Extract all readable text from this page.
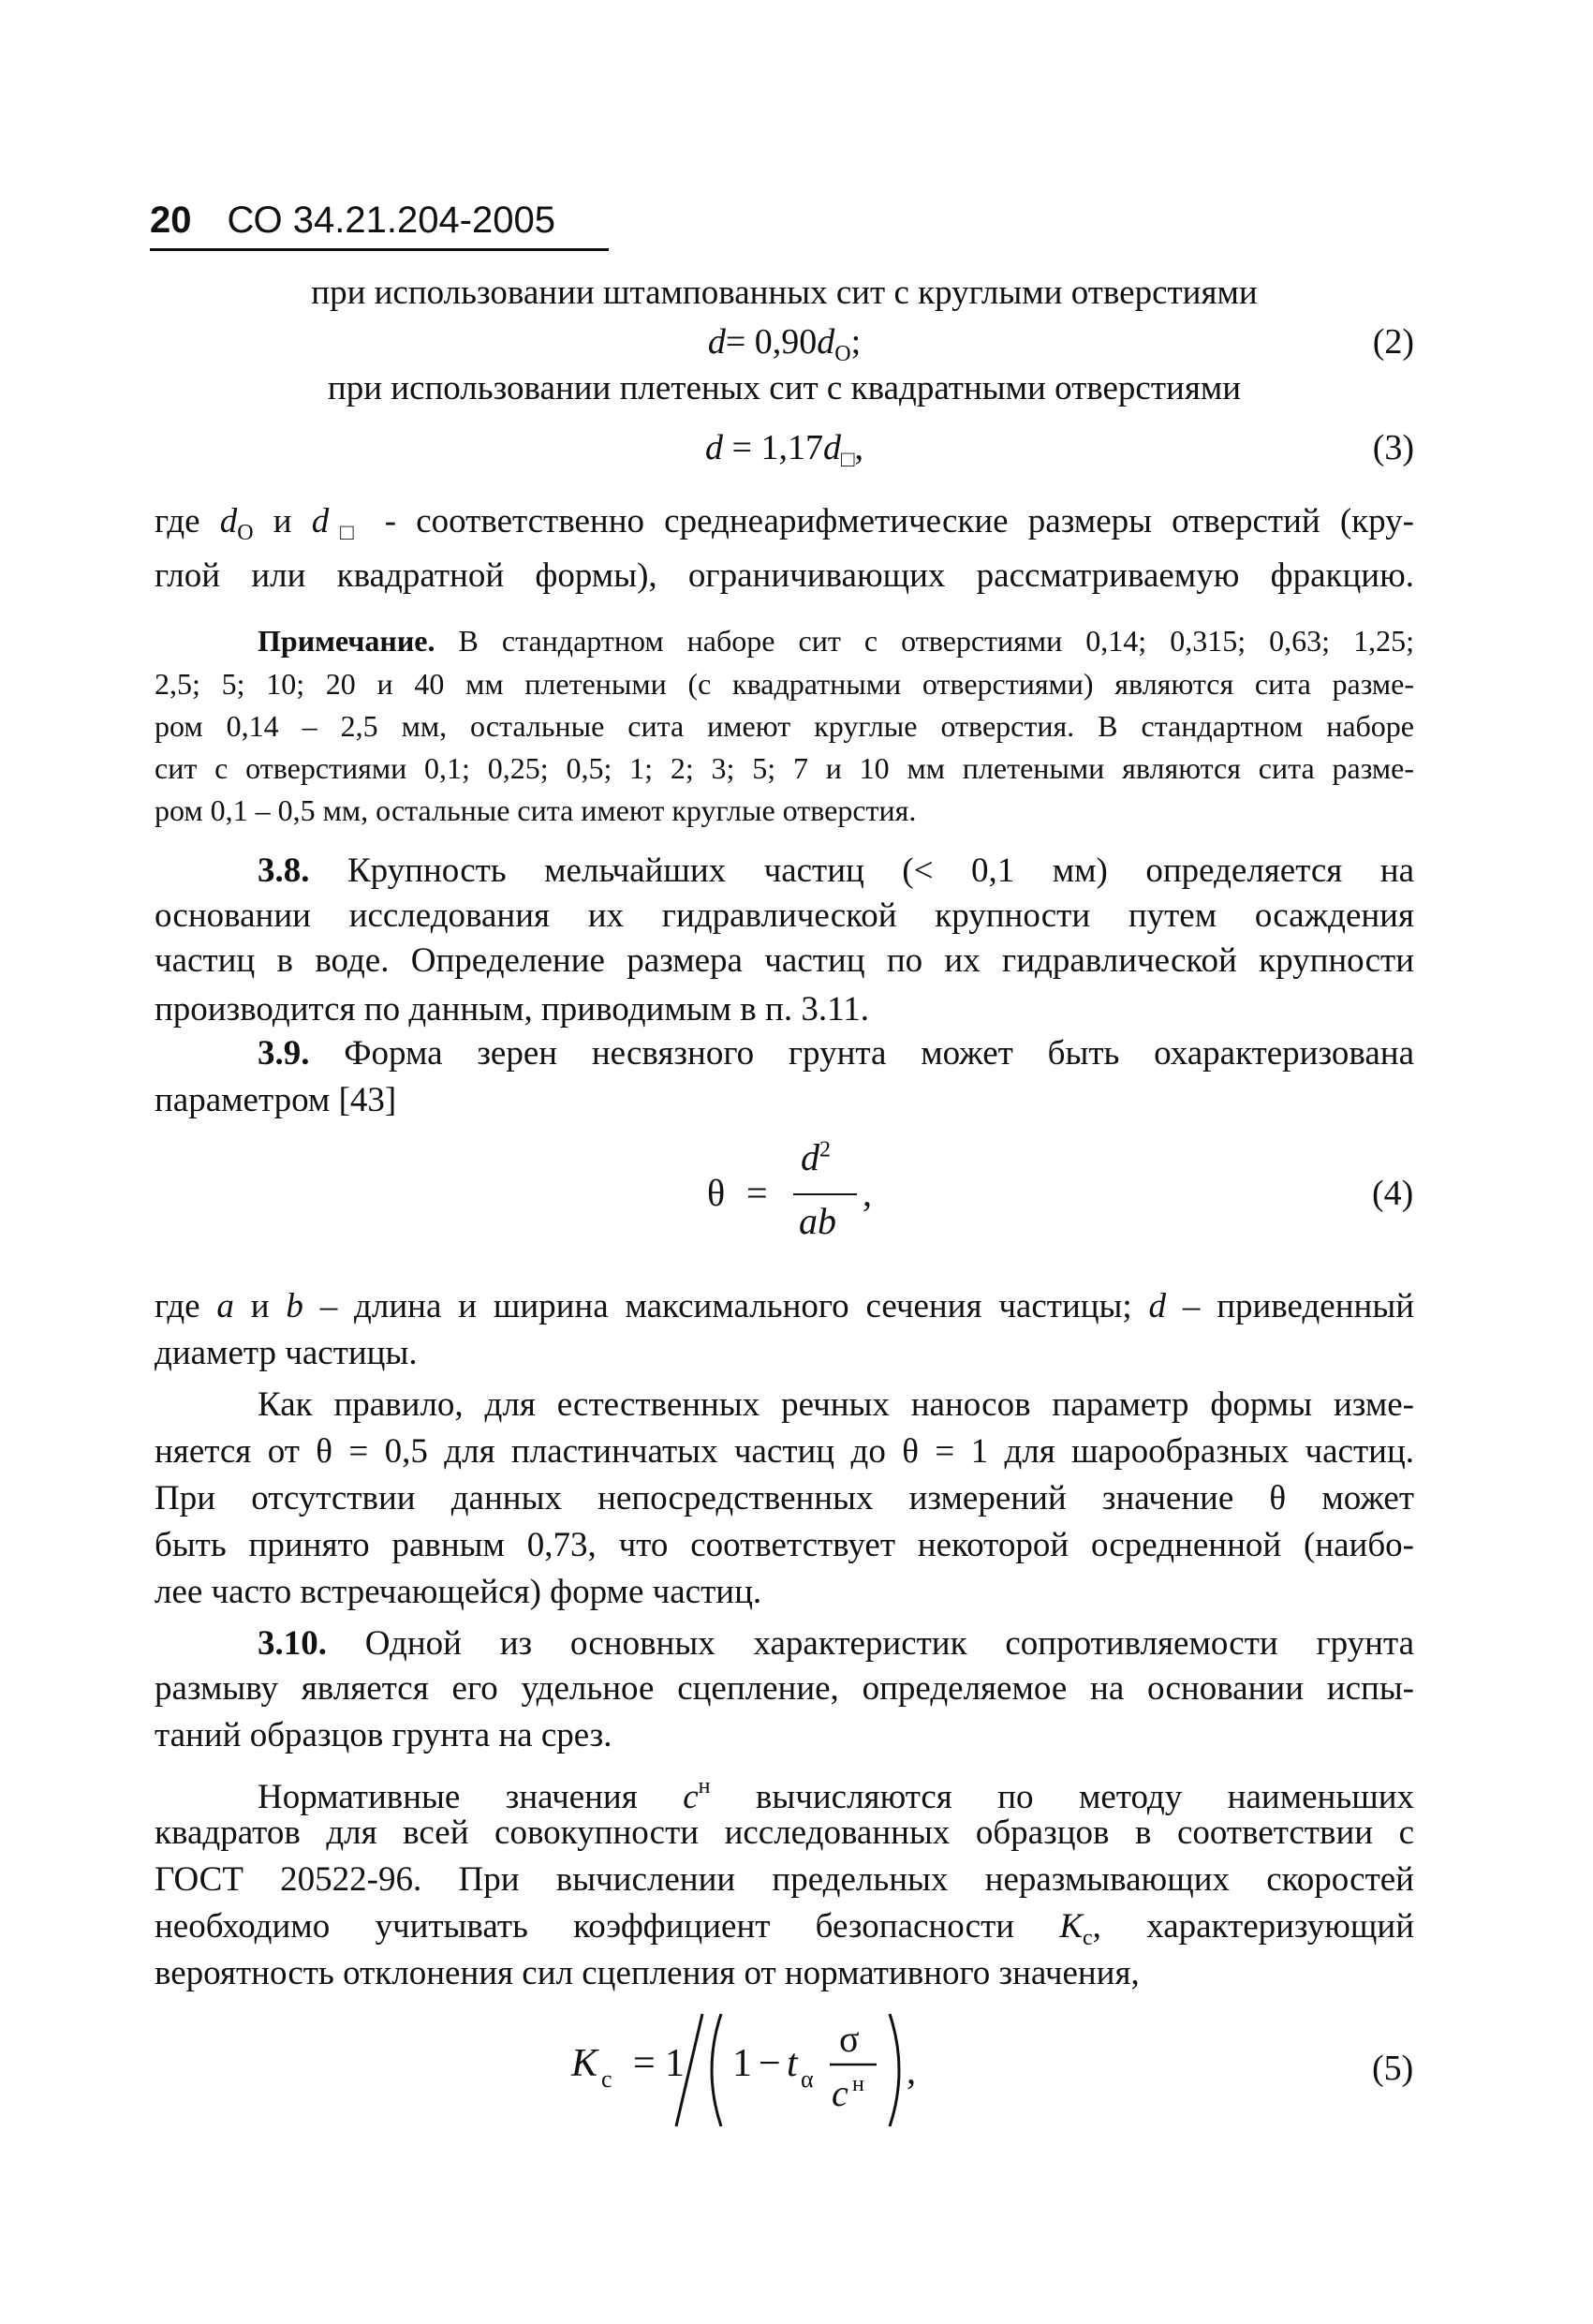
20 СО 34.21.204-2005
при использовании штампованных сит с круглыми отверстиями
$d= 0,90d_O$;	(2)
при использовании плетеных сит с квадратными отверстиями
$d = 1,17d_□$,	(3)
где $d_O$ и $d_□$ - соответственно среднеарифметические размеры отверстий (кру-
глой или квадратной формы), ограничивающих рассматриваемую фракцию.
Примечание. В стандартном наборе сит с отверстиями 0,14; 0,315; 0,63; 1,25;
2,5; 5; 10; 20 и 40 мм плетеными (с квадратными отверстиями) являются сита разме-
ром 0,14 – 2,5 мм, остальные сита имеют круглые отверстия. В стандартном наборе
сит с отверстиями 0,1; 0,25; 0,5; 1; 2; 3; 5; 7 и 10 мм плетеными являются сита разме-
ром 0,1 – 0,5 мм, остальные сита имеют круглые отверстия.
3.8. Крупность мельчайших частиц (< 0,1 мм) определяется на
основании исследования их гидравлической крупности путем осаждения
частиц в воде. Определение размера частиц по их гидравлической крупности
производится по данным, приводимым в п. 3.11.
3.9. Форма зерен несвязного грунта может быть охарактеризована
параметром [43]
θ =
$d^2$
ab
,	(4)
где a и b – длина и ширина максимального сечения частицы; d – приведенный
диаметр частицы.
Как правило, для естественных речных наносов параметр формы изме-
няется от θ = 0,5 для пластинчатых частиц до θ = 1 для шарообразных частиц.
При отсутствии данных непосредственных измерений значение θ может
быть принято равным 0,73, что соответствует некоторой осредненной (наибо-
лее часто встречающейся) форме частиц.
3.10. Одной из основных характеристик сопротивляемости грунта
размыву является его удельное сцепление, определяемое на основании испы-
таний образцов грунта на срез.
Нормативные значения $c^н$ вычисляются по методу наименьших
квадратов для всей совокупности исследованных образцов в соответствии с
ГОСТ 20522-96. При вычислении предельных неразмывающих скоростей
необходимо учитывать коэффициент безопасности $K_с$, характеризующий
вероятность отклонения сил сцепления от нормативного значения,
K с = 1 1 − t α
σ
c н ,	(5)
